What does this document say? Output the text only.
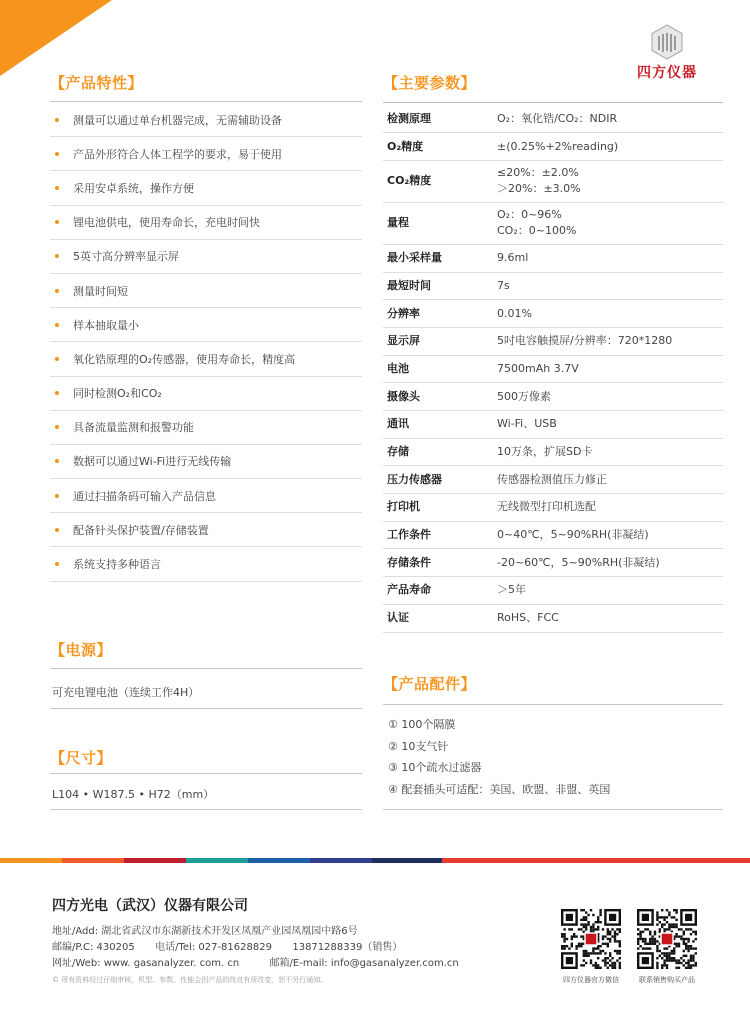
四方仪器
【产品特性】
测量可以通过单台机器完成，无需辅助设备
产品外形符合人体工程学的要求，易于使用
采用安卓系统，操作方便
锂电池供电，使用寿命长，充电时间快
5英寸高分辨率显示屏
测量时间短
样本抽取量小
氧化锆原理的O₂传感器，使用寿命长，精度高
同时检测O₂和CO₂
具备流量监测和报警功能
数据可以通过Wi-Fi进行无线传输
通过扫描条码可输入产品信息
配备针头保护装置/存储装置
系统支持多种语言
【电源】
可充电锂电池（连续工作4H）
【尺寸】
L104 • W187.5 • H72（mm）
【主要参数】
检测原理	O₂：氧化锆/CO₂：NDIR

O₂精度	±(0.25%+2%reading)

CO₂精度	≤20%：±2.0%
＞20%：±3.0%

量程	O₂：0~96%
CO₂：0~100%

最小采样量	9.6ml

最短时间	7s

分辨率	0.01%

显示屏	5吋电容触摸屏/分辨率：720*1280

电池	7500mAh 3.7V

摄像头	500万像素

通讯	Wi-Fi、USB

存储	10万条，扩展SD卡

压力传感器	传感器检测值压力修正

打印机	无线微型打印机选配

工作条件	0~40℃，5~90%RH(非凝结)

存储条件	-20~60℃，5~90%RH(非凝结)

产品寿命	＞5年

认证	RoHS、FCC
【产品配件】
① 100个隔膜
② 10支气针
③ 10个疏水过滤器
④ 配套插头可适配：美国、欧盟、非盟、英国
四方光电（武汉）仪器有限公司
地址/Add: 湖北省武汉市东湖新技术开发区凤凰产业园凤凰园中路6号
邮编/P.C: 430205 电话/Tel: 027-81628829 13871288339（销售）
网址/Web: www. gasanalyzer. com. cn	邮箱/E-mail: info@gasanalyzer.com.cn
© 所有资料经过仔细审核，机型、参数、性能会因产品的改良有所改变，恕不另行通知。	四方仪器官方微信	联系销售购买产品
